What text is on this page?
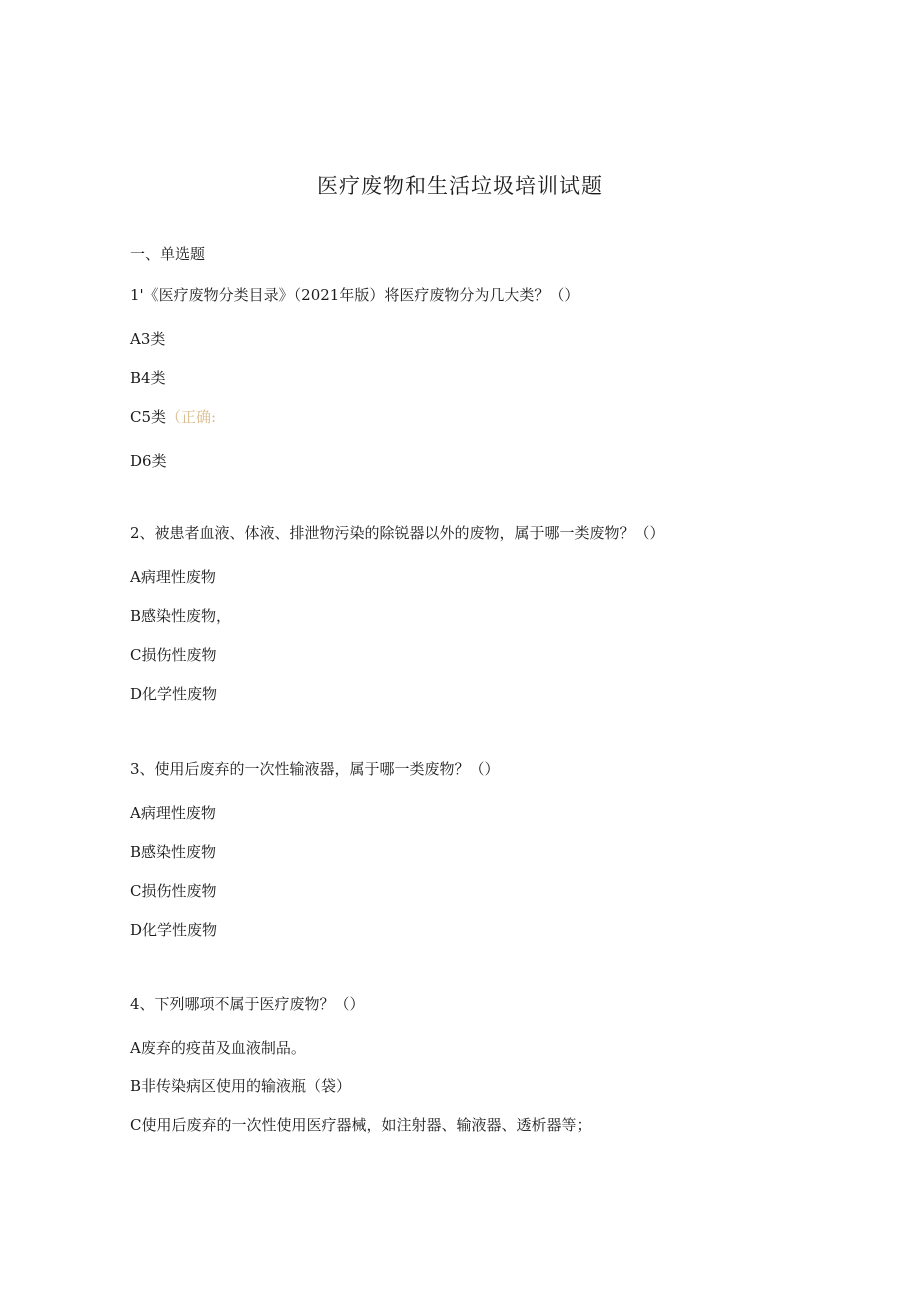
医疗废物和生活垃圾培训试题
一、单选题
1'《医疗废物分类目录》（2021年版）将医疗废物分为几大类？（）
A3类
B4类
C5类（正确:
D6类
2、被患者血液、体液、排泄物污染的除锐器以外的废物，属于哪一类废物？（）
A病理性废物
B感染性废物，
C损伤性废物
D化学性废物
3、使用后废弃的一次性输液器，属于哪一类废物？（）
A病理性废物
B感染性废物
C损伤性废物
D化学性废物
4、下列哪项不属于医疗废物？（）
A废弃的疫苗及血液制品。
B非传染病区使用的输液瓶（袋）
C使用后废弃的一次性使用医疗器械，如注射器、输液器、透析器等；
